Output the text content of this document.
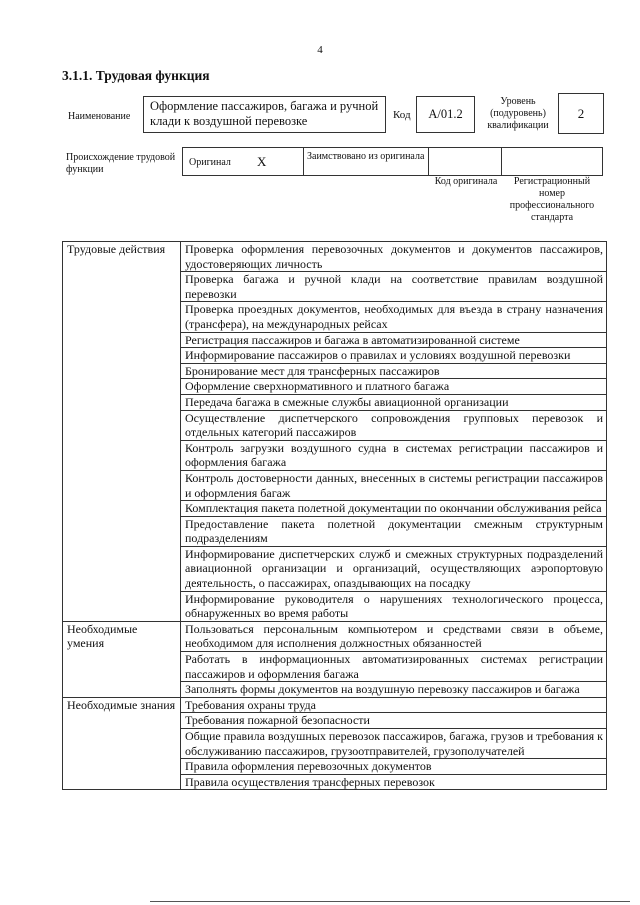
4
3.1.1. Трудовая функция
Наименование
Оформление пассажиров, багажа и ручной клади к воздушной перевозке	Код	А/01.2
Уровень (подуровень) квалификации
2
Происхождение трудовой функции
Оригинал X	Заимствовано из оригинала
Код оригинала	Регистрационный номер профессионального стандарта
Трудовые действия	Проверка оформления перевозочных документов и документов пассажиров, удостоверяющих личность
	Проверка багажа и ручной клади на соответствие правилам воздушной перевозки
	Проверка проездных документов, необходимых для въезда в страну назначения (трансфера), на международных рейсах
	Регистрация пассажиров и багажа в автоматизированной системе
	Информирование пассажиров о правилах и условиях воздушной перевозки
	Бронирование мест для трансферных пассажиров
	Оформление сверхнормативного и платного багажа
	Передача багажа в смежные службы авиационной организации
	Осуществление диспетчерского сопровождения групповых перевозок и отдельных категорий пассажиров
	Контроль загрузки воздушного судна в системах регистрации пассажиров и оформления багажа
	Контроль достоверности данных, внесенных в системы регистрации пассажиров и оформления багаж
	Комплектация пакета полетной документации по окончании обслуживания рейса
	Предоставление пакета полетной документации смежным структурным подразделениям
	Информирование диспетчерских служб и смежных структурных подразделений авиационной организации и организаций, осуществляющих аэропортовую деятельность, о пассажирах, опаздывающих на посадку
	Информирование руководителя о нарушениях технологического процесса, обнаруженных во время работы
Необходимые умения	Пользоваться персональным компьютером и средствами связи в объеме, необходимом для исполнения должностных обязанностей
	Работать в информационных автоматизированных системах регистрации пассажиров и оформления багажа
	Заполнять формы документов на воздушную перевозку пассажиров и багажа
Необходимые знания	Требования охраны труда
	Требования пожарной безопасности
	Общие правила воздушных перевозок пассажиров, багажа, грузов и требования к обслуживанию пассажиров, грузоотправителей, грузополучателей
	Правила оформления перевозочных документов
	Правила осуществления трансферных перевозок
